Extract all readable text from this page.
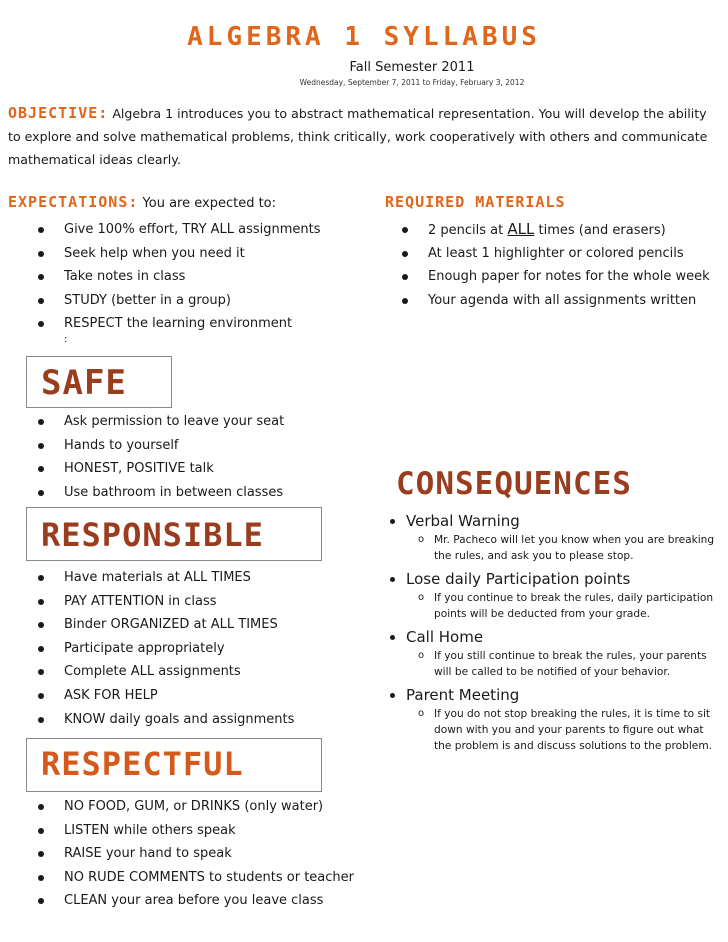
ALGEBRA 1 SYLLABUS
Fall Semester 2011
Wednesday, September 7, 2011 to Friday, February 3, 2012
OBJECTIVE: Algebra 1 introduces you to abstract mathematical representation. You will develop the ability to explore and solve mathematical problems, think critically, work cooperatively with others and communicate mathematical ideas clearly.
EXPECTATIONS: You are expected to:
Give 100% effort, TRY ALL assignments
Seek help when you need it
Take notes in class
STUDY (better in a group)
RESPECT the learning environment
:
REQUIRED MATERIALS
2 pencils at ALL times (and erasers)
At least 1 highlighter or colored pencils
Enough paper for notes for the whole week
Your agenda with all assignments written
SAFE
Ask permission to leave your seat
Hands to yourself
HONEST, POSITIVE talk
Use bathroom in between classes
RESPONSIBLE
Have materials at ALL TIMES
PAY ATTENTION in class
Binder ORGANIZED at ALL TIMES
Participate appropriately
Complete ALL assignments
ASK FOR HELP
KNOW daily goals and assignments
RESPECTFUL
NO FOOD, GUM, or DRINKS (only water)
LISTEN while others speak
RAISE your hand to speak
NO RUDE COMMENTS to students or teacher
CLEAN your area before you leave class
CONSEQUENCES
Verbal Warning
o Mr. Pacheco will let you know when you are breaking the rules, and ask you to please stop.
Lose daily Participation points
o If you continue to break the rules, daily participation points will be deducted from your grade.
Call Home
o If you still continue to break the rules, your parents will be called to be notified of your behavior.
Parent Meeting
o If you do not stop breaking the rules, it is time to sit down with you and your parents to figure out what the problem is and discuss solutions to the problem.
